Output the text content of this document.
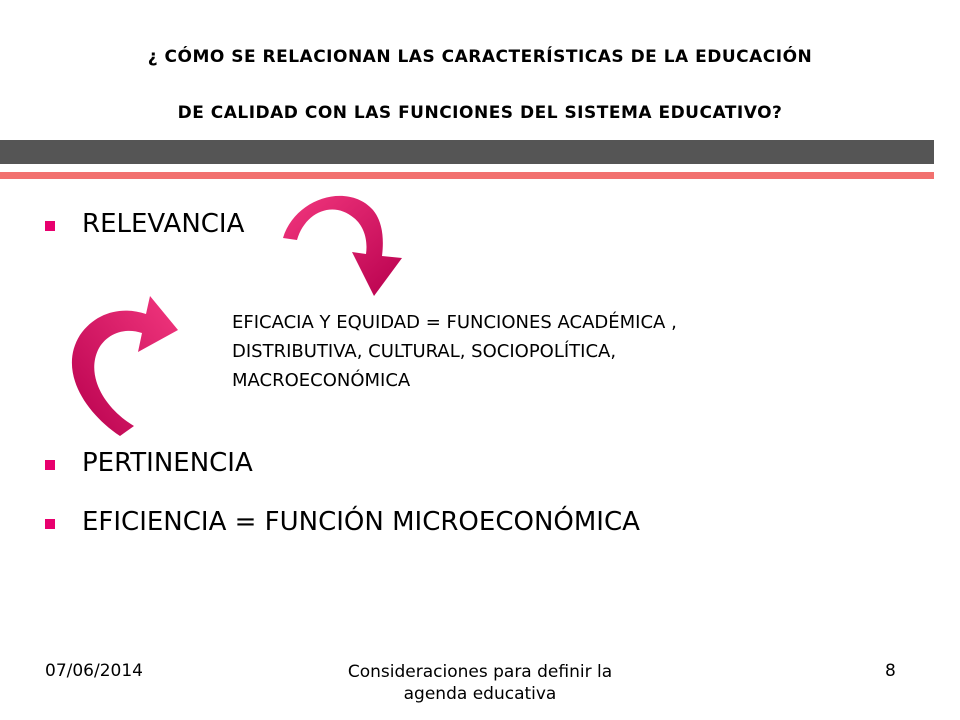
¿ CÓMO SE RELACIONAN LAS CARACTERÍSTICAS DE LA EDUCACIÓN
DE CALIDAD CON LAS FUNCIONES DEL SISTEMA EDUCATIVO?
RELEVANCIA
PERTINENCIA
EFICIENCIA = FUNCIÓN MICROECONÓMICA
EFICACIA Y EQUIDAD = FUNCIONES ACADÉMICA ,
DISTRIBUTIVA, CULTURAL, SOCIOPOLÍTICA,
MACROECONÓMICA
07/06/2014	Consideraciones para definir la
agenda educativa
8
